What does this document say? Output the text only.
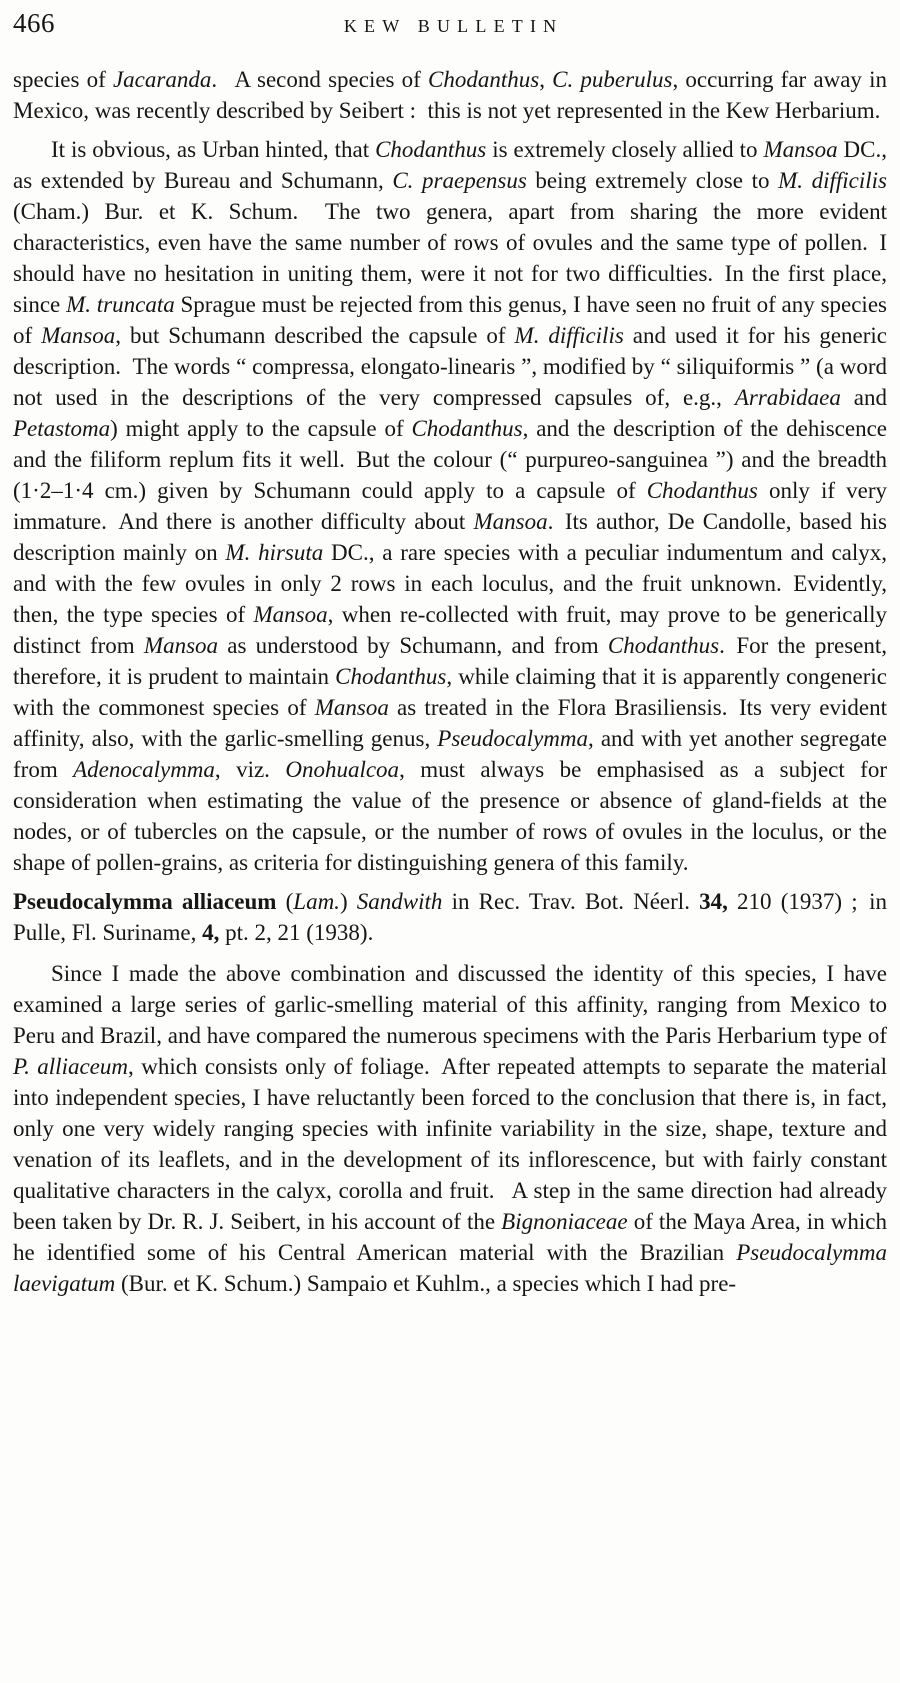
466	KEW BULLETIN

species of Jacaranda.  A second species of Chodanthus, C. puberulus, occurring far away in Mexico, was recently described by Seibert : this is not yet represented in the Kew Herbarium.

It is obvious, as Urban hinted, that Chodanthus is extremely closely allied to Mansoa DC., as extended by Bureau and Schumann, C. praepensus being extremely close to M. difficilis (Cham.) Bur. et K. Schum.  The two genera, apart from sharing the more evident characteristics, even have the same number of rows of ovules and the same type of pollen. I should have no hesitation in uniting them, were it not for two difficulties. In the first place, since M. truncata Sprague must be rejected from this genus, I have seen no fruit of any species of Mansoa, but Schumann described the capsule of M. difficilis and used it for his generic description. The words “ compressa, elongato-linearis ”, modified by “ siliquiformis ” (a word not used in the descriptions of the very compressed capsules of, e.g., Arrabidaea and Petastoma) might apply to the capsule of Chodanthus, and the description of the dehiscence and the filiform replum fits it well. But the colour (“ purpureo-sanguinea ”) and the breadth (1·2–1·4 cm.) given by Schumann could apply to a capsule of Chodanthus only if very immature. And there is another difficulty about Mansoa. Its author, De Candolle, based his description mainly on M. hirsuta DC., a rare species with a peculiar indumentum and calyx, and with the few ovules in only 2 rows in each loculus, and the fruit unknown. Evidently, then, the type species of Mansoa, when re-collected with fruit, may prove to be generically distinct from Mansoa as understood by Schumann, and from Chodanthus. For the present, therefore, it is prudent to maintain Chodanthus, while claiming that it is apparently congeneric with the commonest species of Mansoa as treated in the Flora Brasiliensis. Its very evident affinity, also, with the garlic-smelling genus, Pseudocalymma, and with yet another segregate from Adenocalymma, viz. Onohualcoa, must always be emphasised as a subject for consideration when estimating the value of the presence or absence of gland-fields at the nodes, or of tubercles on the capsule, or the number of rows of ovules in the loculus, or the shape of pollen-grains, as criteria for distinguishing genera of this family.

Pseudocalymma alliaceum (Lam.) Sandwith in Rec. Trav. Bot. Néerl. 34, 210 (1937) ; in Pulle, Fl. Suriname, 4, pt. 2, 21 (1938).

Since I made the above combination and discussed the identity of this species, I have examined a large series of garlic-smelling material of this affinity, ranging from Mexico to Peru and Brazil, and have compared the numerous specimens with the Paris Herbarium type of P. alliaceum, which consists only of foliage. After repeated attempts to separate the material into independent species, I have reluctantly been forced to the conclusion that there is, in fact, only one very widely ranging species with infinite variability in the size, shape, texture and venation of its leaflets, and in the development of its inflorescence, but with fairly constant qualitative characters in the calyx, corolla and fruit.  A step in the same direction had already been taken by Dr. R. J. Seibert, in his account of the Bignoniaceae of the Maya Area, in which he identified some of his Central American material with the Brazilian Pseudocalymma laevigatum (Bur. et K. Schum.) Sampaio et Kuhlm., a species which I had pre-
